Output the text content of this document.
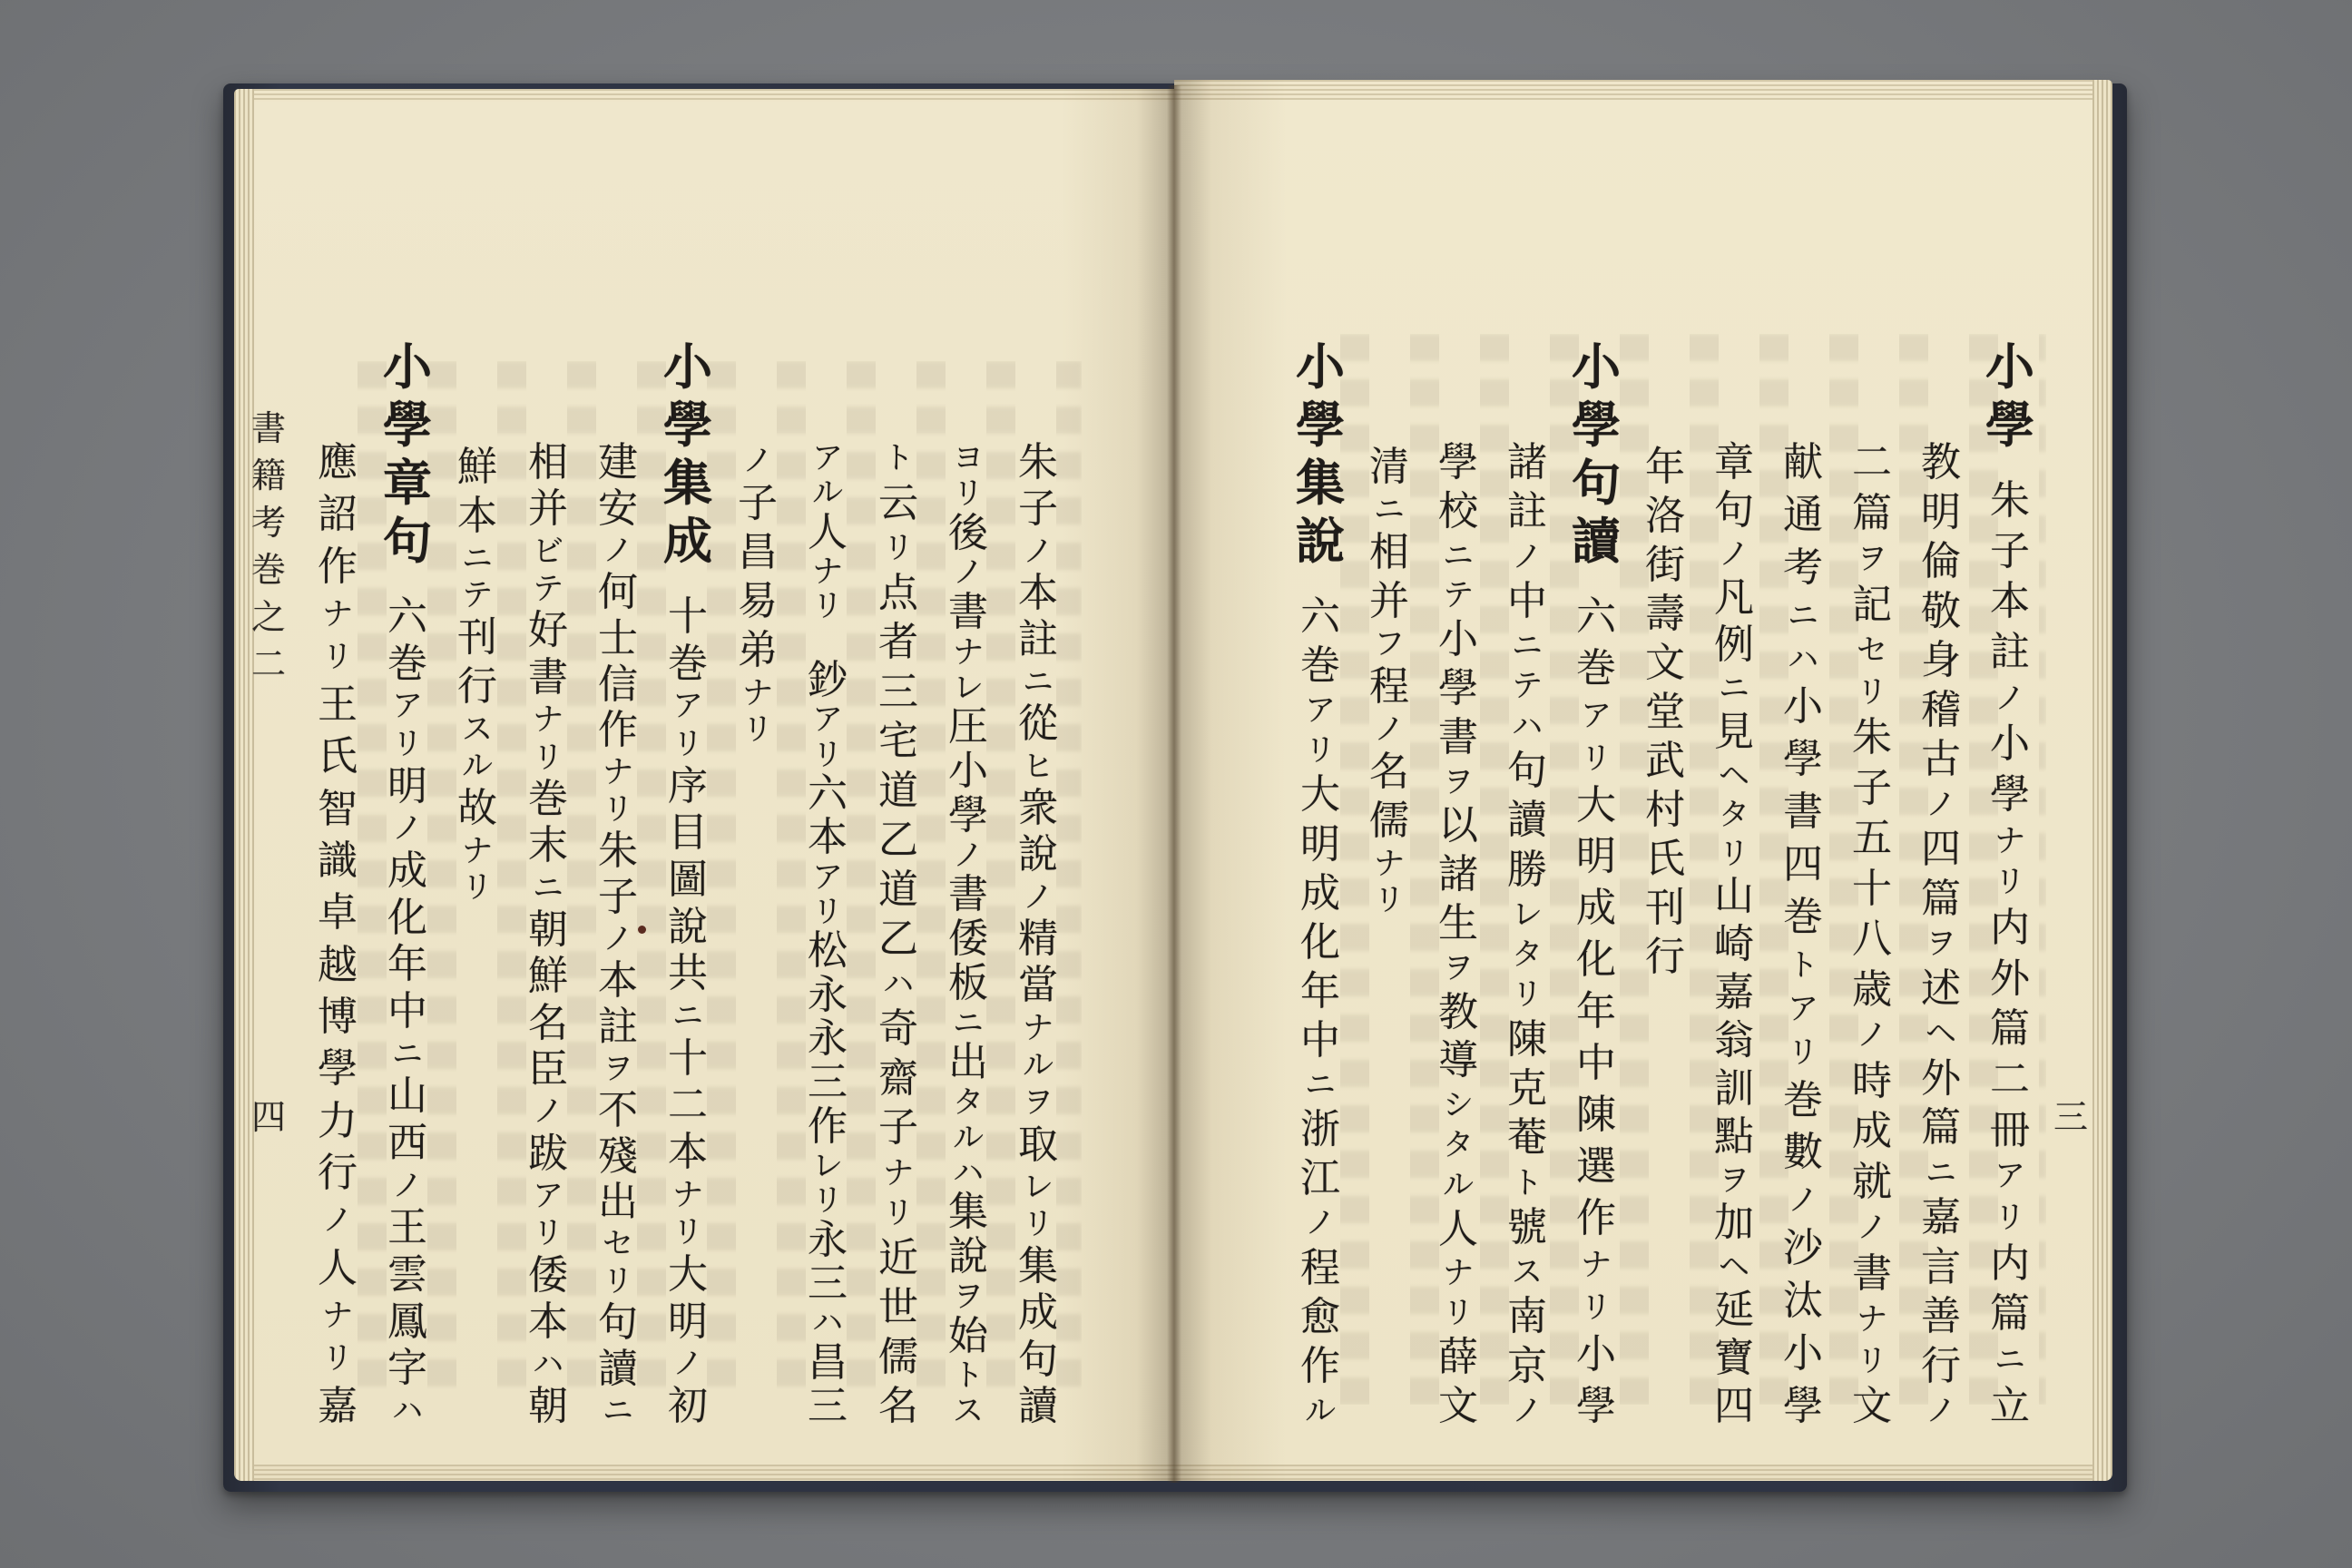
書
籍
考
巻
之
二
四
朱
子
ノ
本
註
ニ
從
ヒ
衆
說
ノ
精
當
ナ
ル
ヲ
取
レ
リ
集
成
句
讀
ヨ
リ
後
ノ
書
ナ
レ
圧
小
學
ノ
書
倭
板
ニ
出
タ
ル
ハ
集
說
ヲ
始
ト
ス
ト
云
リ
点
者
三
宅
道
乙
道
乙
ハ
奇
齋
子
ナ
リ
近
世
儒
名
ア
ル
人
ナ
リ

鈔
ア
リ
六
本
ア
リ
松
永
永
三
作
レ
リ
永
三
ハ
昌
三
ノ
子
昌
易
弟
ナ
リ
小
學
集
成
十
巻
ア
リ
序
目
圖
說
共
ニ
十
二
本
ナ
リ
大
明
ノ
初
建
安
ノ
何
士
信
作
ナ
リ
朱
子
ノ
本
註
ヲ
不
殘
出
セ
リ
句
讀
ニ
相
并
ビ
テ
好
書
ナ
リ
巻
末
ニ
朝
鮮
名
臣
ノ
跋
ア
リ
倭
本
ハ
朝
鮮
本
ニ
テ
刊
行
ス
ル
故
ナ
リ
小
學
章
句
六
巻
ア
リ
明
ノ
成
化
年
中
ニ
山
西
ノ
王
雲
鳳
字
ハ
應
詔
作
ナ
リ
王
氏
智
識
卓
越
博
學
力
行
ノ
人
ナ
リ
嘉
三
小
學
朱
子
本
註
ノ
小
學
ナ
リ
内
外
篇
二
冊
ア
リ
内
篇
ニ
立
教
明
倫
敬
身
稽
古
ノ
四
篇
ヲ
述
ヘ
外
篇
ニ
嘉
言
善
行
ノ
二
篇
ヲ
記
セ
リ
朱
子
五
十
八
歳
ノ
時
成
就
ノ
書
ナ
リ
文
献
通
考
ニ
ハ
小
學
書
四
巻
ト
ア
リ
巻
數
ノ
沙
汰
小
學
章
句
ノ
凡
例
ニ
見
ヘ
タ
リ
山
崎
嘉
翁
訓
點
ヲ
加
ヘ
延
寶
四
年
洛
街
壽
文
堂
武
村
氏
刊
行
小
學
句
讀
六
巻
ア
リ
大
明
成
化
年
中
陳
選
作
ナ
リ
小
學
諸
註
ノ
中
ニ
テ
ハ
句
讀
勝
レ
タ
リ
陳
克
菴
ト
號
ス
南
京
ノ
學
校
ニ
テ
小
學
書
ヲ
以
諸
生
ヲ
教
導
シ
タ
ル
人
ナ
リ
薛
文
清
ニ
相
并
フ
程
ノ
名
儒
ナ
リ
小
學
集
說
六
巻
ア
リ
大
明
成
化
年
中
ニ
浙
江
ノ
程
愈
作
ル
